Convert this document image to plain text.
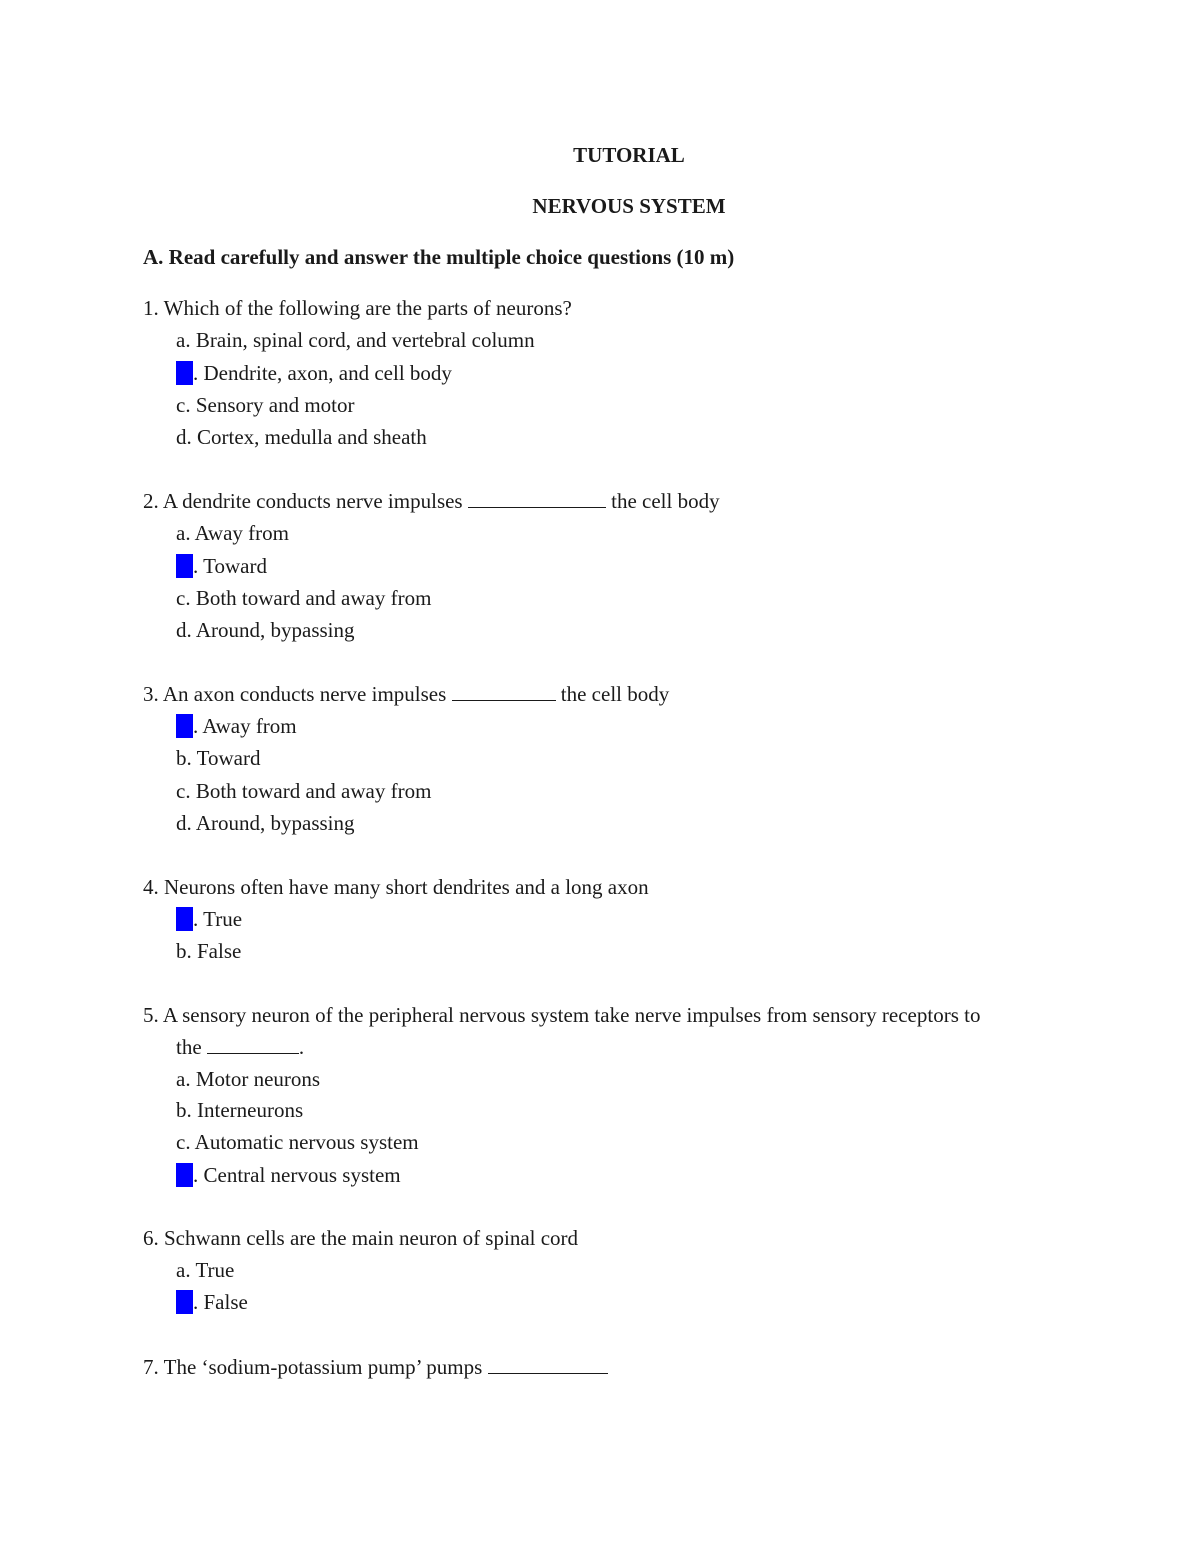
TUTORIAL
NERVOUS SYSTEM
A. Read carefully and answer the multiple choice questions (10 m)
1. Which of the following are the parts of neurons?
a. Brain, spinal cord, and vertebral column
b . Dendrite, axon, and cell body
c. Sensory and motor
d. Cortex, medulla and sheath
2. A dendrite conducts nerve impulses	the cell body
a. Away from
b . Toward
c. Both toward and away from
d. Around, bypassing
3. An axon conducts nerve impulses	the cell body
a . Away from
b. Toward
c. Both toward and away from
d. Around, bypassing
4. Neurons often have many short dendrites and a long axon
a . True
b. False
5. A sensory neuron of the peripheral nervous system take nerve impulses from sensory receptors to
the	.
a. Motor neurons
b. Interneurons
c. Automatic nervous system
d . Central nervous system
6. Schwann cells are the main neuron of spinal cord
a. True
b . False
7. The ‘sodium-potassium pump’ pumps
